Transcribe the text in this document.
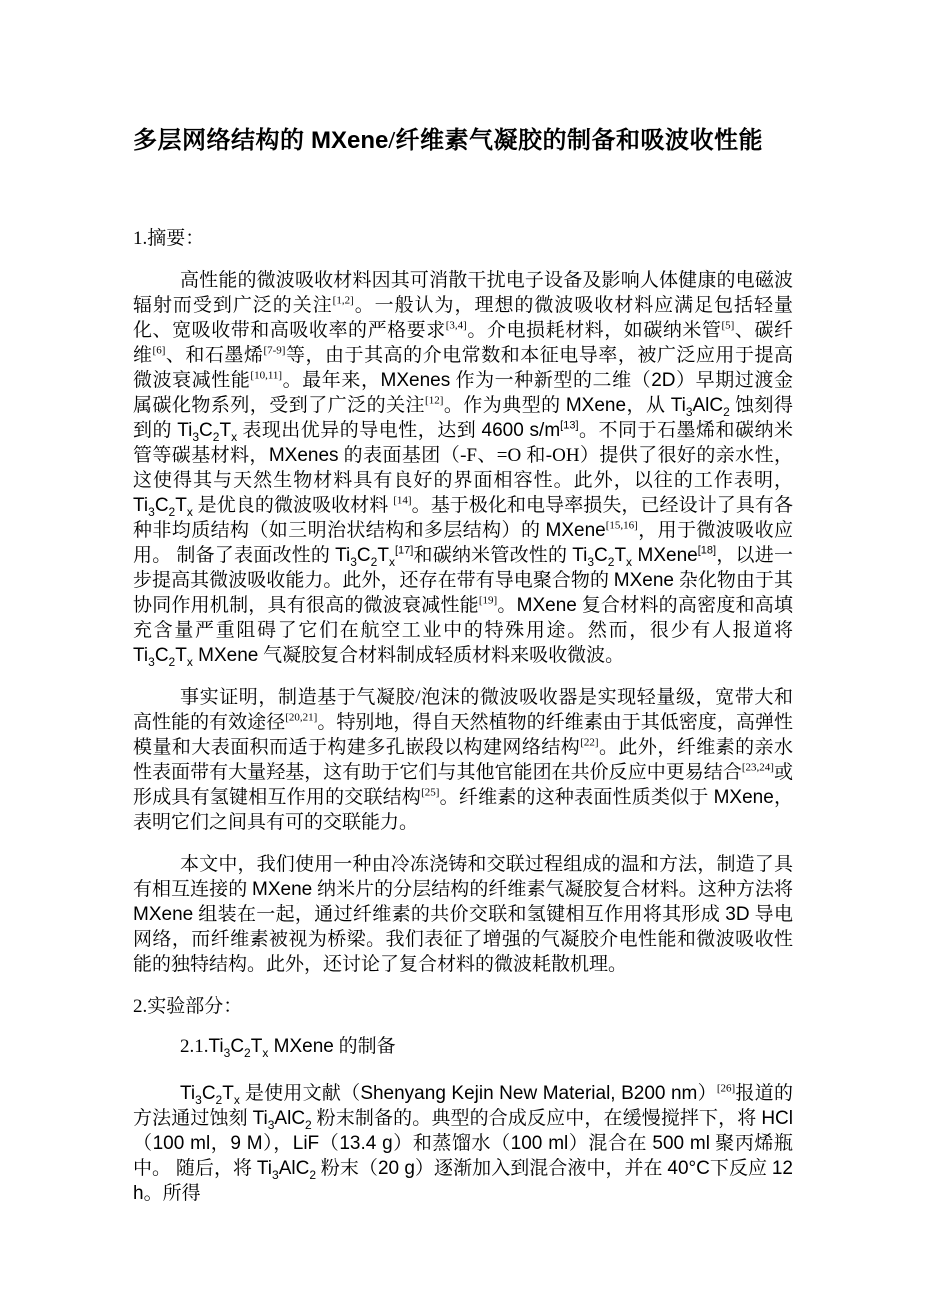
多层网络结构的 MXene/纤维素气凝胶的制备和吸波收性能
1.摘要：

高性能的微波吸收材料因其可消散干扰电子设备及影响人体健康的电磁波辐射而受到广泛的关注[1,2]。一般认为，理想的微波吸收材料应满足包括轻量化、宽吸收带和高吸收率的严格要求[3,4]。介电损耗材料，如碳纳米管[5]、碳纤维[6]、和石墨烯[7-9]等，由于其高的介电常数和本征电导率，被广泛应用于提高微波衰减性能[10,11]。最年来，MXenes 作为一种新型的二维（2D）早期过渡金属碳化物系列，受到了广泛的关注[12]。作为典型的 MXene，从 $Ti_3AlC_2$ 蚀刻得到的 $Ti_3C_2T_x$ 表现出优异的导电性，达到 4600 s/m[13]。不同于石墨烯和碳纳米管等碳基材料，MXenes 的表面基团（-F、=O 和-OH）提供了很好的亲水性，这使得其与天然生物材料具有良好的界面相容性。此外，以往的工作表明，$Ti_3C_2T_x$ 是优良的微波吸收材料 [14]。基于极化和电导率损失，已经设计了具有各种非均质结构（如三明治状结构和多层结构）的 MXene[15,16]，用于微波吸收应用。 制备了表面改性的 $Ti_3C_2T_x[17]$和碳纳米管改性的 $Ti_3C_2T_x$ MXene[18]，以进一步提高其微波吸收能力。此外，还存在带有导电聚合物的 MXene 杂化物由于其协同作用机制，具有很高的微波衰减性能[19]。MXene 复合材料的高密度和高填充含量严重阻碍了它们在航空工业中的特殊用途。然而，很少有人报道将 $Ti_3C_2T_x$ MXene 气凝胶复合材料制成轻质材料来吸收微波。

事实证明，制造基于气凝胶/泡沫的微波吸收器是实现轻量级，宽带大和高性能的有效途径[20,21]。特别地，得自天然植物的纤维素由于其低密度，高弹性模量和大表面积而适于构建多孔嵌段以构建网络结构[22]。此外，纤维素的亲水性表面带有大量羟基，这有助于它们与其他官能团在共价反应中更易结合[23,24]或形成具有氢键相互作用的交联结构[25]。纤维素的这种表面性质类似于 MXene，表明它们之间具有可的交联能力。

本文中，我们使用一种由冷冻浇铸和交联过程组成的温和方法，制造了具有相互连接的 MXene 纳米片的分层结构的纤维素气凝胶复合材料。这种方法将 MXene 组装在一起，通过纤维素的共价交联和氢键相互作用将其形成 3D 导电网络，而纤维素被视为桥梁。我们表征了增强的气凝胶介电性能和微波吸收性能的独特结构。此外，还讨论了复合材料的微波耗散机理。

2.实验部分：
$2.1.Ti_3C_2T_x$ MXene 的制备

$Ti_3C_2T_x$ 是使用文献（Shenyang Kejin New Material, B200 nm）[26]报道的方法通过蚀刻 $Ti_3AlC_2$ 粉末制备的。典型的合成反应中，在缓慢搅拌下，将 HCl（100 ml，9 M），LiF（13.4 g）和蒸馏水（100 ml）混合在 500 ml 聚丙烯瓶中。 随后，将 $Ti_3AlC_2$ 粉末（20 g）逐渐加入到混合液中，并在 40°C下反应 12 h。所得
